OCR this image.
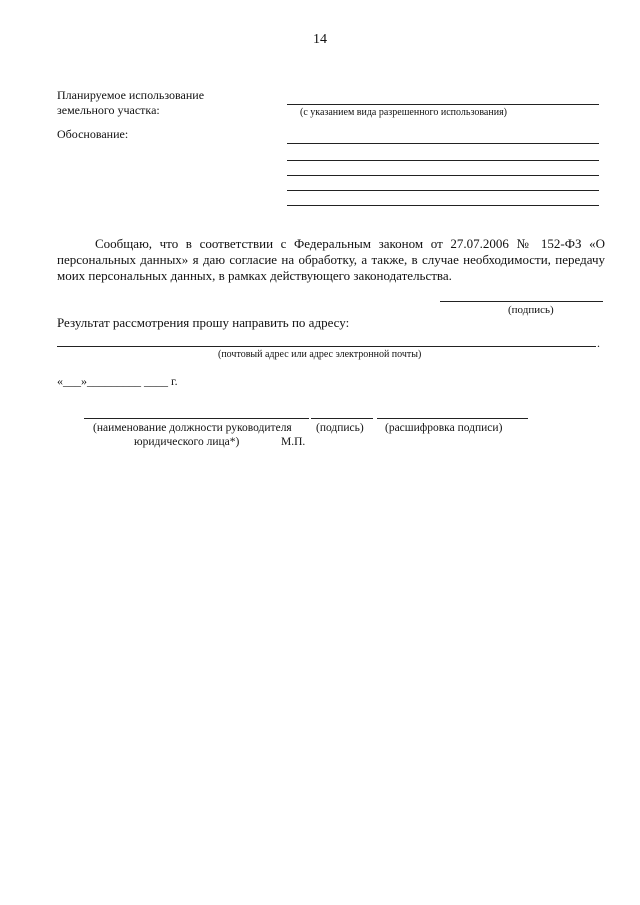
14
Планируемое использование
земельного участка:	(с указанием вида разрешенного использования)
Обоснование:
Сообщаю, что в соответствии с Федеральным законом от 27.07.2006 № 152-ФЗ «О персональных данных» я даю согласие на обработку, а также, в случае необходимости, передачу моих персональных данных, в рамках действующего законодательства.
(подпись)
Результат рассмотрения прошу направить по адресу:
.
(почтовый адрес или адрес электронной почты)
«___»_________ ____ г.
(наименование должности руководителя
юридического лица*)
(подпись) (расшифровка подписи)
М.П.
